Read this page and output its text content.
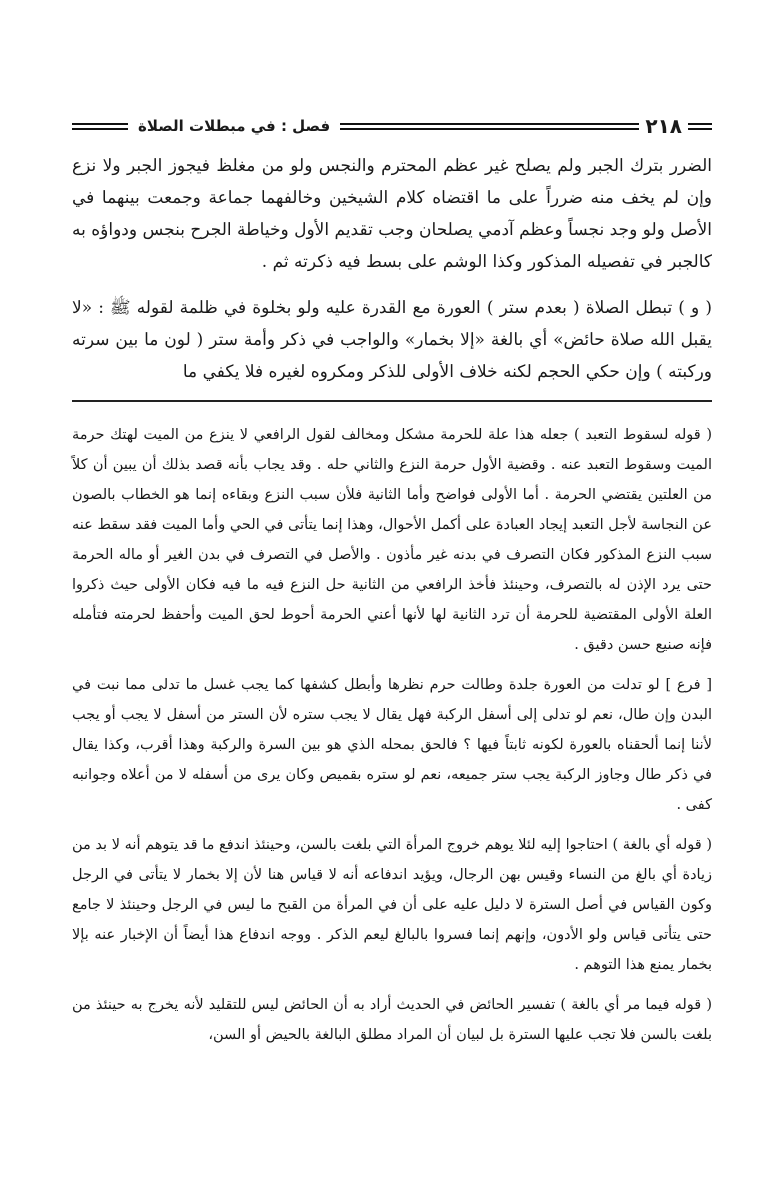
٢١٨
فصل : في مبطلات الصلاة

الضرر بترك الجبر ولم يصلح غير عظم المحترم والنجس ولو من مغلظ فيجوز الجبر ولا نزع وإن لم يخف منه ضرراً على ما اقتضاه كلام الشيخين وخالفهما جماعة وجمعت بينهما في الأصل ولو وجد نجساً وعظم آدمي يصلحان وجب تقديم الأول وخياطة الجرح بنجس ودواؤه به كالجبر في تفصيله المذكور وكذا الوشم على بسط فيه ذكرته ثم .

( و ) تبطل الصلاة ( بعدم ستر ) العورة مع القدرة عليه ولو بخلوة في ظلمة لقوله ﷺ : «لا يقبل الله صلاة حائض» أي بالغة «إلا بخمار» والواجب في ذكر وأمة ستر ( لون ما بين سرته وركبته ) وإن حكي الحجم لكنه خلاف الأولى للذكر ومكروه لغيره فلا يكفي ما

( قوله لسقوط التعبد ) جعله هذا علة للحرمة مشكل ومخالف لقول الرافعي لا ينزع من الميت لهتك حرمة الميت وسقوط التعبد عنه . وقضية الأول حرمة النزع والثاني حله . وقد يجاب بأنه قصد بذلك أن يبين أن كلاً من العلتين يقتضي الحرمة . أما الأولى فواضح وأما الثانية فلأن سبب النزع وبقاءه إنما هو الخطاب بالصون عن النجاسة لأجل التعبد إيجاد العبادة على أكمل الأحوال، وهذا إنما يتأتى في الحي وأما الميت فقد سقط عنه سبب النزع المذكور فكان التصرف في بدنه غير مأذون . والأصل في التصرف في بدن الغير أو ماله الحرمة حتى يرد الإذن له بالتصرف، وحينئذ فأخذ الرافعي من الثانية حل النزع فيه ما فيه فكان الأولى حيث ذكروا العلة الأولى المقتضية للحرمة أن ترد الثانية لها لأنها أعني الحرمة أحوط لحق الميت وأحفظ لحرمته فتأمله فإنه صنيع حسن دقيق .

[ فرع ] لو تدلت من العورة جلدة وطالت حرم نظرها وأبطل كشفها كما يجب غسل ما تدلى مما نبت في البدن وإن طال، نعم لو تدلى إلى أسفل الركبة فهل يقال لا يجب ستره لأن الستر من أسفل لا يجب أو يجب لأننا إنما ألحقناه بالعورة لكونه ثابتاً فيها ؟ فالحق بمحله الذي هو بين السرة والركبة وهذا أقرب، وكذا يقال في ذكر طال وجاوز الركبة يجب ستر جميعه، نعم لو ستره بقميص وكان يرى من أسفله لا من أعلاه وجوانبه كفى .

( قوله أي بالغة ) احتاجوا إليه لئلا يوهم خروج المرأة التي بلغت بالسن، وحينئذ اندفع ما قد يتوهم أنه لا بد من زيادة أي بالغ من النساء وقيس بهن الرجال، ويؤيد اندفاعه أنه لا قياس هنا لأن إلا بخمار لا يتأتى في الرجل وكون القياس في أصل السترة لا دليل عليه على أن في المرأة من القبح ما ليس في الرجل وحينئذ لا جامع حتى يتأتى قياس ولو الأدون، وإنهم إنما فسروا بالبالغ ليعم الذكر . ووجه اندفاع هذا أيضاً أن الإخبار عنه بإلا بخمار يمنع هذا التوهم .

( قوله فيما مر أي بالغة ) تفسير الحائض في الحديث أراد به أن الحائض ليس للتقليد لأنه يخرج به حينئذ من بلغت بالسن فلا تجب عليها السترة بل لبيان أن المراد مطلق البالغة بالحيض أو السن،
